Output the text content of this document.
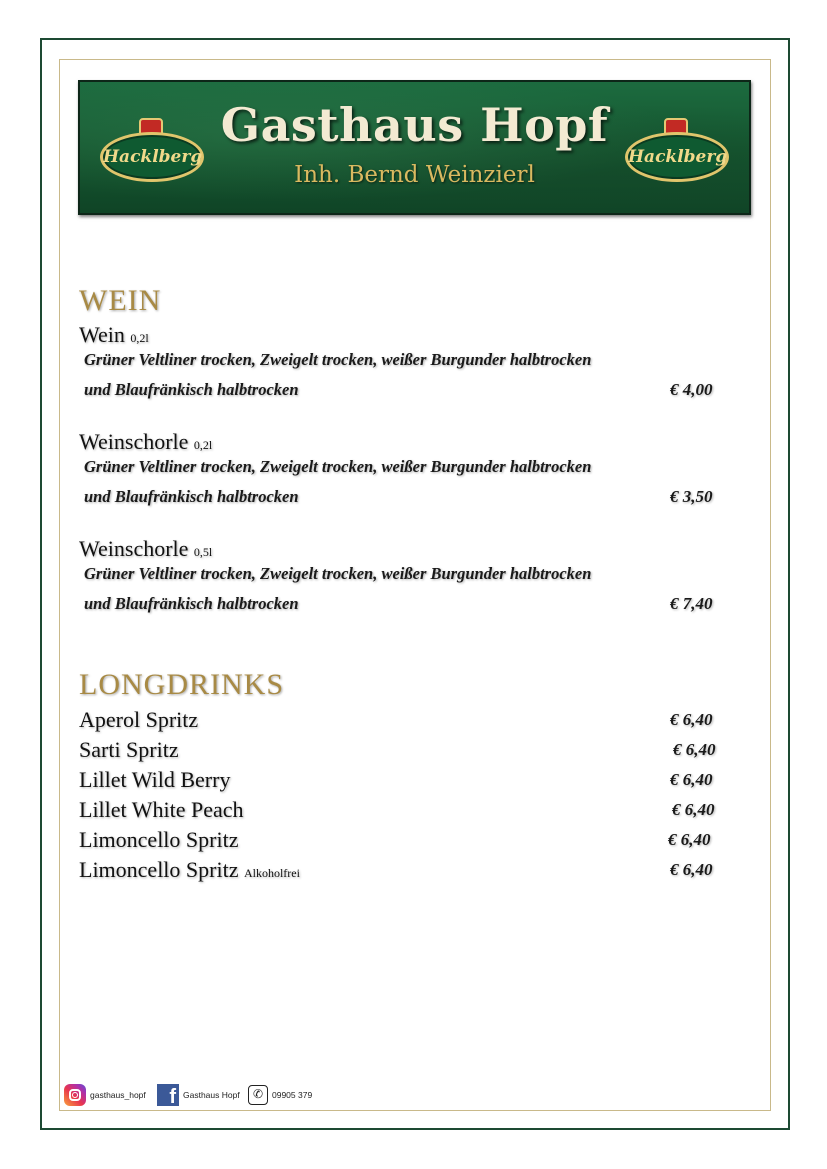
Hacklberg
Gasthaus Hopf
Inh. Bernd Weinzierl
Hacklberg
WEIN
Wein 0,2l
Grüner Veltliner trocken, Zweigelt trocken, weißer Burgunder halbtrocken
und Blaufränkisch halbtrocken	€ 4,00
Weinschorle 0,2l
Grüner Veltliner trocken, Zweigelt trocken, weißer Burgunder halbtrocken
und Blaufränkisch halbtrocken	€ 3,50
Weinschorle 0,5l
Grüner Veltliner trocken, Zweigelt trocken, weißer Burgunder halbtrocken
und Blaufränkisch halbtrocken	€ 7,40
LONGDRINKS
Aperol Spritz	€ 6,40
Sarti Spritz	€ 6,40
Lillet Wild Berry	€ 6,40
Lillet White Peach	€ 6,40
Limoncello Spritz	€ 6,40
Limoncello Spritz Alkoholfrei	€ 6,40
gasthaus_hopf	f Gasthaus Hopf	✆	09905 379
